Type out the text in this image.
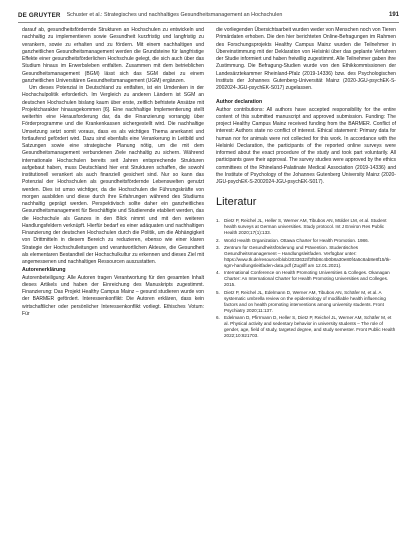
DE GRUYTER Schuster et al.: Strategisches und nachhaltiges Gesundheitsmanagement an Hochschulen	191

darauf ab, gesundheitsfördernde Strukturen an Hochschulen zu entwickeln und nachhaltig zu implementieren sowie Gesundheit kurzfristig und langfristig zu verankern, sowie zu erhalten und zu fördern. Mit einem nachhaltigen und ganzheitlichen Gesundheitsmanagement werden die Grundsteine für langfristige Effekte einer gesundheitsförderlichen Hochschule gelegt, die sich auch über das Studium hinaus im Erwerbsleben entfalten. Zusammen mit dem betrieblichen Gesundheitsmanagement (BGM) lässt sich das SGM dabei zu einem ganzheitlichen Universitären Gesundheitsmanagement (UGM) ergänzen.

Um dieses Potenzial in Deutschland zu entfalten, ist ein Umdenken in der Hochschulpolitik erforderlich. Im Vergleich zu anderen Ländern ist SGM an deutschen Hochschulen bislang kaum über erste, zeitlich befristete Ansätze mit Projektcharakter hinausgekommen [6]. Eine nachhaltige Implementierung stellt weiterhin eine Herausforderung dar, da die Finanzierung vorrangig über Förderprogramme und die Krankenkassen sichergestellt wird. Die nachhaltige Umsetzung setzt somit voraus, dass es als wichtiges Thema anerkannt und fortlaufend gefördert wird. Dazu sind ebenfalls eine Verankerung in Leitbild und Satzungen sowie eine strategische Planung nötig, um die mit dem Gesundheitsmanagement verbundenen Ziele nachhaltig zu sichern. Während internationale Hochschulen bereits seit Jahren entsprechende Strukturen aufgebaut haben, muss Deutschland hier erst Strukturen schaffen, die sowohl institutionell verankert als auch finanziell gesichert sind. Nur so kann das Potenzial der Hochschulen als gesundheitsfördernde Lebenswelten genutzt werden. Dies ist umso wichtiger, da die Hochschulen die Führungskräfte von morgen ausbilden und diese durch ihre Erfahrungen während des Studiums nachhaltig geprägt werden. Perspektivisch sollte daher ein ganzheitliches Gesundheitsmanagement für Beschäftigte und Studierende etabliert werden, das die Hochschule als Ganzes in den Blick nimmt und mit den weiteren Handlungsfeldern verknüpft. Hierfür bedarf es einer adäquaten und nachhaltigen Finanzierung der deutschen Hochschulen durch die Politik, um die Abhängigkeit von Drittmitteln in diesem Bereich zu reduzieren, ebenso wie einer klaren Strategie der Hochschulleitungen und verantwortlichen Akteure, die Gesundheit als elementaren Bestandteil der Hochschulkultur zu erkennen und dieses Ziel mit angemessenen und nachhaltigen Ressourcen auszustatten.

Autorenerklärung

Autorenbeteiligung: Alle Autoren tragen Verantwortung für den gesamten Inhalt dieses Artikels und haben der Einreichung des Manuskripts zugestimmt. Finanzierung: Das Projekt Healthy Campus Mainz – gesund studieren wurde von der BARMER gefördert. Interessenkonflikt: Die Autoren erklären, dass kein wirtschaftlicher oder persönlicher Interessenkonflikt vorliegt. Ethisches Votum: Für

die vorliegenden Übersichtsarbeit wurden weder von Menschen noch von Tieren Primärdaten erhoben. Die den hier berichteten Online-Befragungen im Rahmen des Forschungsprojekts Healthy Campus Mainz wurden die Teilnehmer in Übereinstimmung mit der Deklaration von Helsinki über das geplante Verfahren der Studie informiert und haben freiwillig zugestimmt. Alle Teilnehmer gaben ihre Zustimmung. Die Befragung-Studien wurde von den Ethikkommissionen der Landesärztekammer Rheinland-Pfalz (2019-14336) bzw. des Psychologischen Instituts der Johannes Gutenberg-Universität Mainz (2020-JGU-psychEK-S-2002024-JGU-psychEK-S017) zugelassen.

Author declaration

Author contributions: All authors have accepted responsibility for the entire content of this submitted manuscript and approved submission. Funding: The project Healthy Campus Mainz received funding from the BARMER. Conflict of interest: Authors state no conflict of interest. Ethical statement: Primary data for human nor for animals were not collected for this work. In accordance with the Helsinki Declaration, the participants of the reported online surveys were informed about the exact procedure of the study and took part voluntarily. All participants gave their approval. The survey studies were approved by the ethics committees of the Rhineland-Palatinate Medical Association (2019-14336) and the Institute of Psychology of the Johannes Gutenberg University Mainz (2020-JGU-psychEK-S-2002024-JGU-psychEK-S017).

Literatur
1. Dietz P, Reichel JL, Heller S, Werner AM, Tibubos AN, Mülder LM, et al. Student health surveys at German universities. Study protocol. Int J Environ Res Public Health 2020;17(1):133.
2. World Health Organization. Ottawa Charter for Health Promotion. 1986.
3. Zentrum für Gesundheitsförderung und Prävention. Studentisches Gesundheitsmanagement – Handlungsleitfaden. Verfügbar unter: https://www.tk.de/resource/blob/2033632/f2f5b8c4b0b8a30e80f4a5c8ab8e8f15/tk-sgm-handlungsleitfaden-data.pdf (Zugriff am 12.01.2021).
4. International Conference on Health Promoting Universities & Colleges. Okanagan Charter: An International Charter for Health Promoting Universities and Colleges. 2015.
5. Dietz P, Reichel JL, Edelmann D, Werner AM, Tibubos AN, Schäfer M, et al. A systematic umbrella review on the epidemiology of modifiable health influencing factors and on health promoting interventions among university students. Front Psychiatry 2020;11:137.
6. Edelmann D, Pfirrmann D, Heller S, Dietz P, Reichel JL, Werner AM, Schäfer M, et al. Physical activity and sedentary behavior in university students – The role of gender, age, field of study, targeted degree, and study semester. Front Public Health 2022;10:821703.
